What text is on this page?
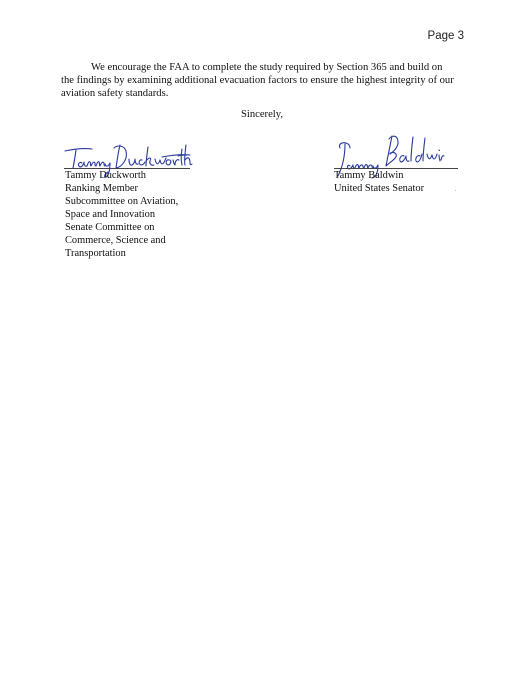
Page 3

We encourage the FAA to complete the study required by Section 365 and build on the findings by examining additional evacuation factors to ensure the highest integrity of our aviation safety standards.

Sincerely,
Tammy Duckworth
Ranking Member
Subcommittee on Aviation,
Space and Innovation
Senate Committee on
Commerce, Science and
Transportation
Tammy Baldwin
United States Senator
